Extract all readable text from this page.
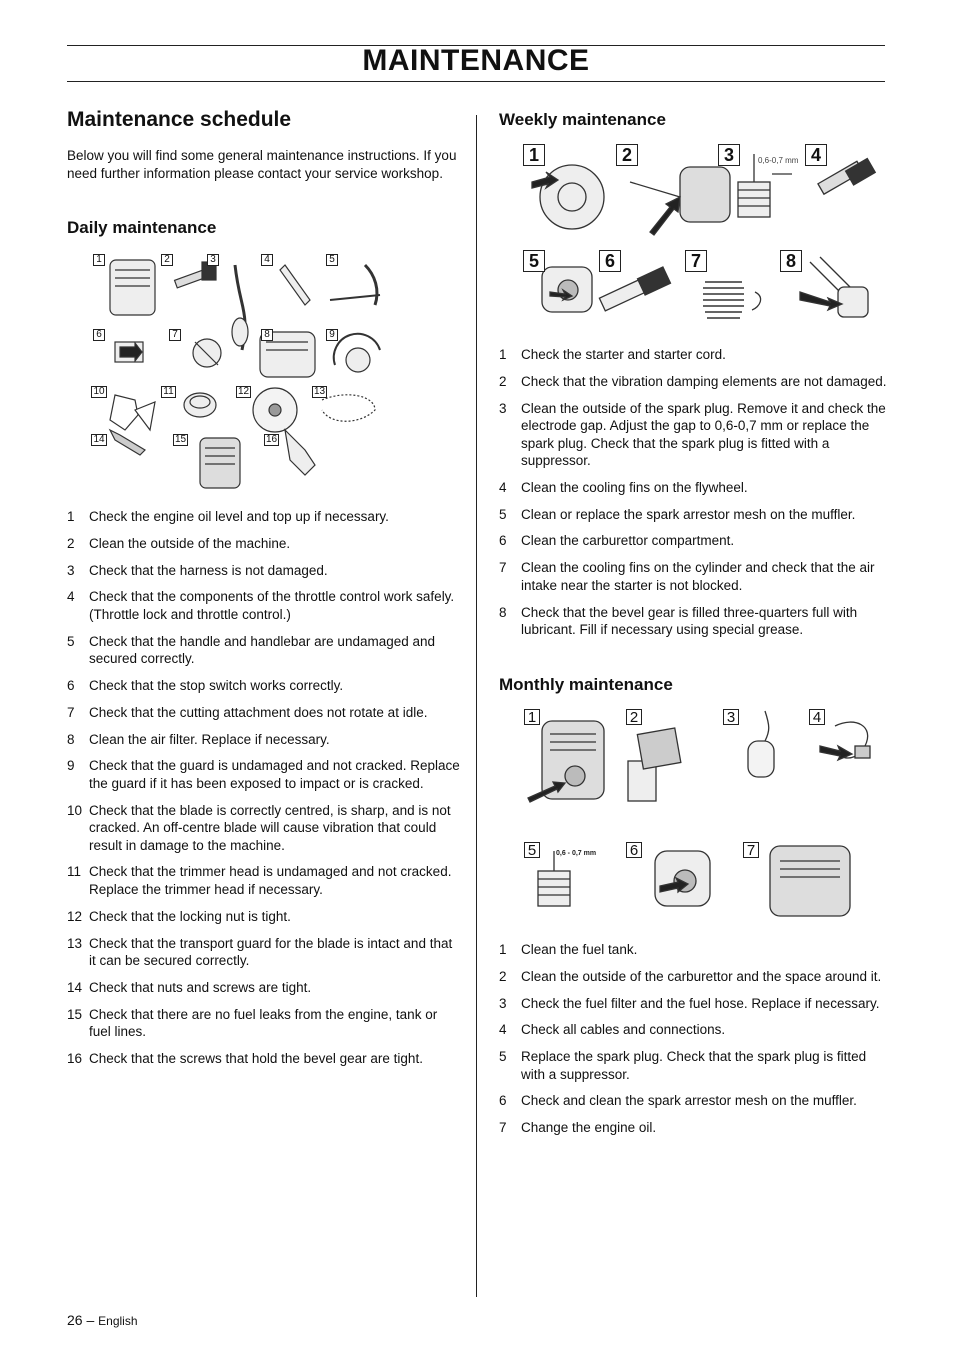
MAINTENANCE
Maintenance schedule
Below you will find some general maintenance instructions. If you need further information please contact your service workshop.
Daily maintenance
1	2	3	4	5
6	7	8	9
10	11	12	13
14	15	16
1	Check the engine oil level and top up if necessary.
2	Clean the outside of the machine.
3	Check that the harness is not damaged.
4	Check that the components of the throttle control work safely. (Throttle lock and throttle control.)
5	Check that the handle and handlebar are undamaged and secured correctly.
6	Check that the stop switch works correctly.
7	Check that the cutting attachment does not rotate at idle.
8	Clean the air filter. Replace if necessary.
9	Check that the guard is undamaged and not cracked. Replace the guard if it has been exposed to impact or is cracked.
10 Check that the blade is correctly centred, is sharp, and is not cracked. An off-centre blade will cause vibration that could result in damage to the machine.
11 Check that the trimmer head is undamaged and not cracked. Replace the trimmer head if necessary.
12 Check that the locking nut is tight.
13 Check that the transport guard for the blade is intact and that it can be secured correctly.
14 Check that nuts and screws are tight.
15 Check that there are no fuel leaks from the engine, tank or fuel lines.
16 Check that the screws that hold the bevel gear are tight.
Weekly maintenance
1	2	3	0,6-0,7 mm 4
5	6	7	8
1	Check the starter and starter cord.
2	Check that the vibration damping elements are not damaged.
3	Clean the outside of the spark plug. Remove it and check the electrode gap. Adjust the gap to 0,6-0,7 mm or replace the spark plug. Check that the spark plug is fitted with a suppressor.
4	Clean the cooling fins on the flywheel.
5	Clean or replace the spark arrestor mesh on the muffler.
6	Clean the carburettor compartment.
7	Clean the cooling fins on the cylinder and check that the air intake near the starter is not blocked.
8	Check that the bevel gear is filled three-quarters full with lubricant. Fill if necessary using special grease.
Monthly maintenance
1	2	3	4
5	0,6 - 0,7 mm 6	7
1	Clean the fuel tank.
2	Clean the outside of the carburettor and the space around it.
3	Check the fuel filter and the fuel hose. Replace if necessary.
4	Check all cables and connections.
5	Replace the spark plug. Check that the spark plug is fitted with a suppressor.
6	Check and clean the spark arrestor mesh on the muffler.
7	Change the engine oil.
26 – English
